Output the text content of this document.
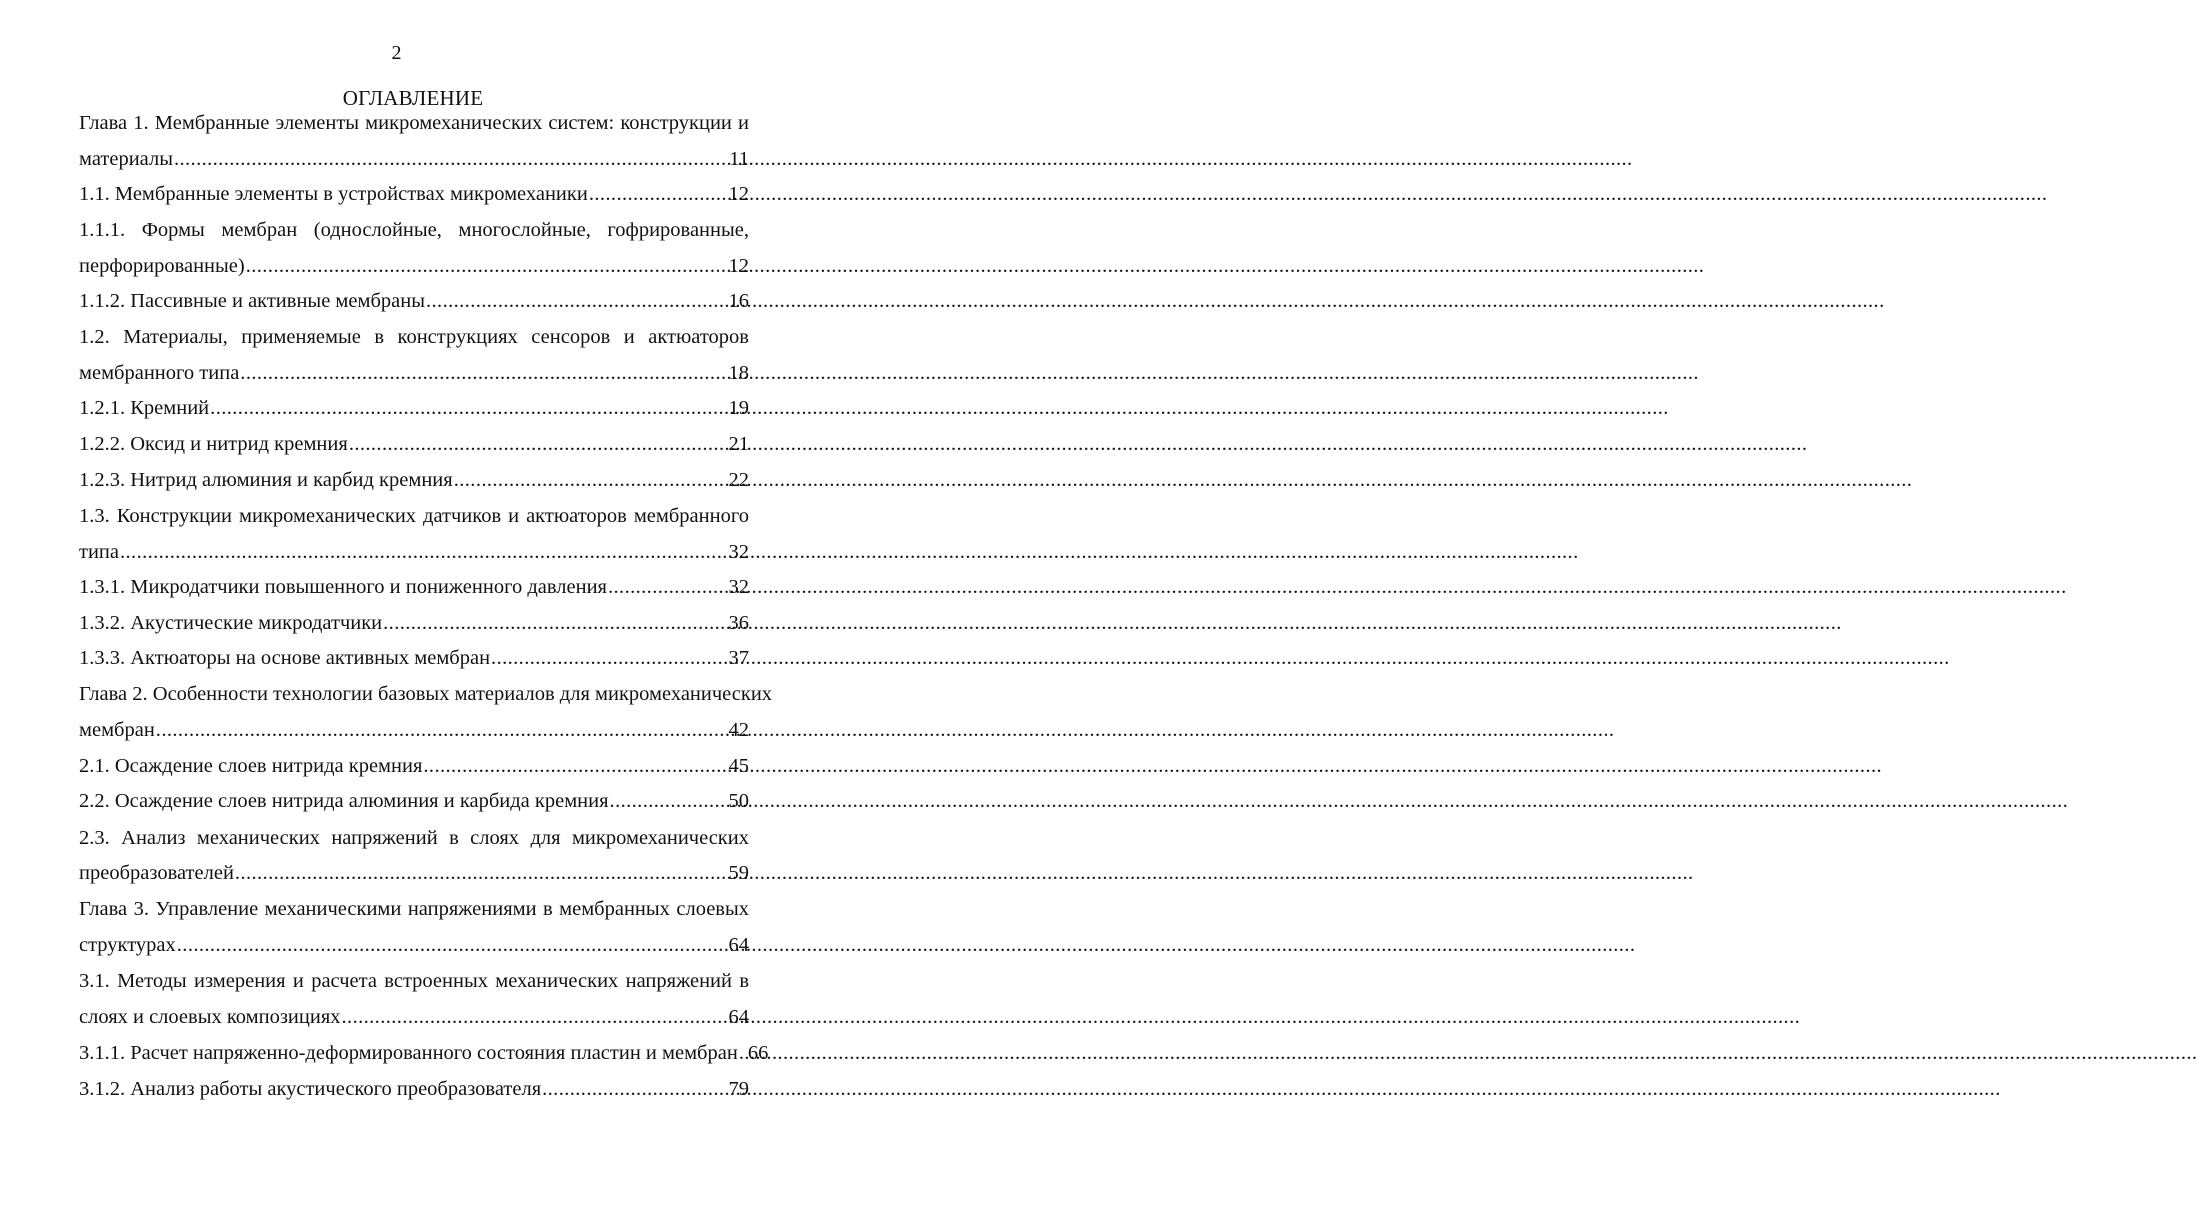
2
ОГЛАВЛЕНИЕ
Глава 1. Мембранные элементы микромеханических систем: конструкции и
материалы .....	11
1.1. Мембранные элементы в устройствах микромеханики .....	12
1.1.1. Формы мембран (однослойные, многослойные, гофрированные,
перфорированные) .....	12
1.1.2. Пассивные и активные мембраны .....	16
1.2. Материалы, применяемые в конструкциях сенсоров и актюаторов
мембранного типа .....	18
1.2.1. Кремний .....	19
1.2.2. Оксид и нитрид кремния .....	21
1.2.3. Нитрид алюминия и карбид кремния .....	22
1.3. Конструкции микромеханических датчиков и актюаторов мембранного
типа .....	32
1.3.1. Микродатчики повышенного и пониженного давления .....	32
1.3.2. Акустические микродатчики .....	36
1.3.3. Актюаторы на основе активных мембран .....	37
Глава 2. Особенности технологии базовых материалов для микромеханических
мембран .....	42
2.1. Осаждение слоев нитрида кремния .....	45
2.2. Осаждение слоев нитрида алюминия и карбида кремния .....	50
2.3. Анализ механических напряжений в слоях для микромеханических
преобразователей .....	59
Глава 3. Управление механическими напряжениями в мембранных слоевых
структурах .....	64
3.1. Методы измерения и расчета встроенных механических напряжений в
слоях и слоевых композициях .....	64
3.1.1. Расчет напряженно-деформированного состояния пластин и мембран ..... 66
3.1.2. Анализ работы акустического преобразователя .....	79
